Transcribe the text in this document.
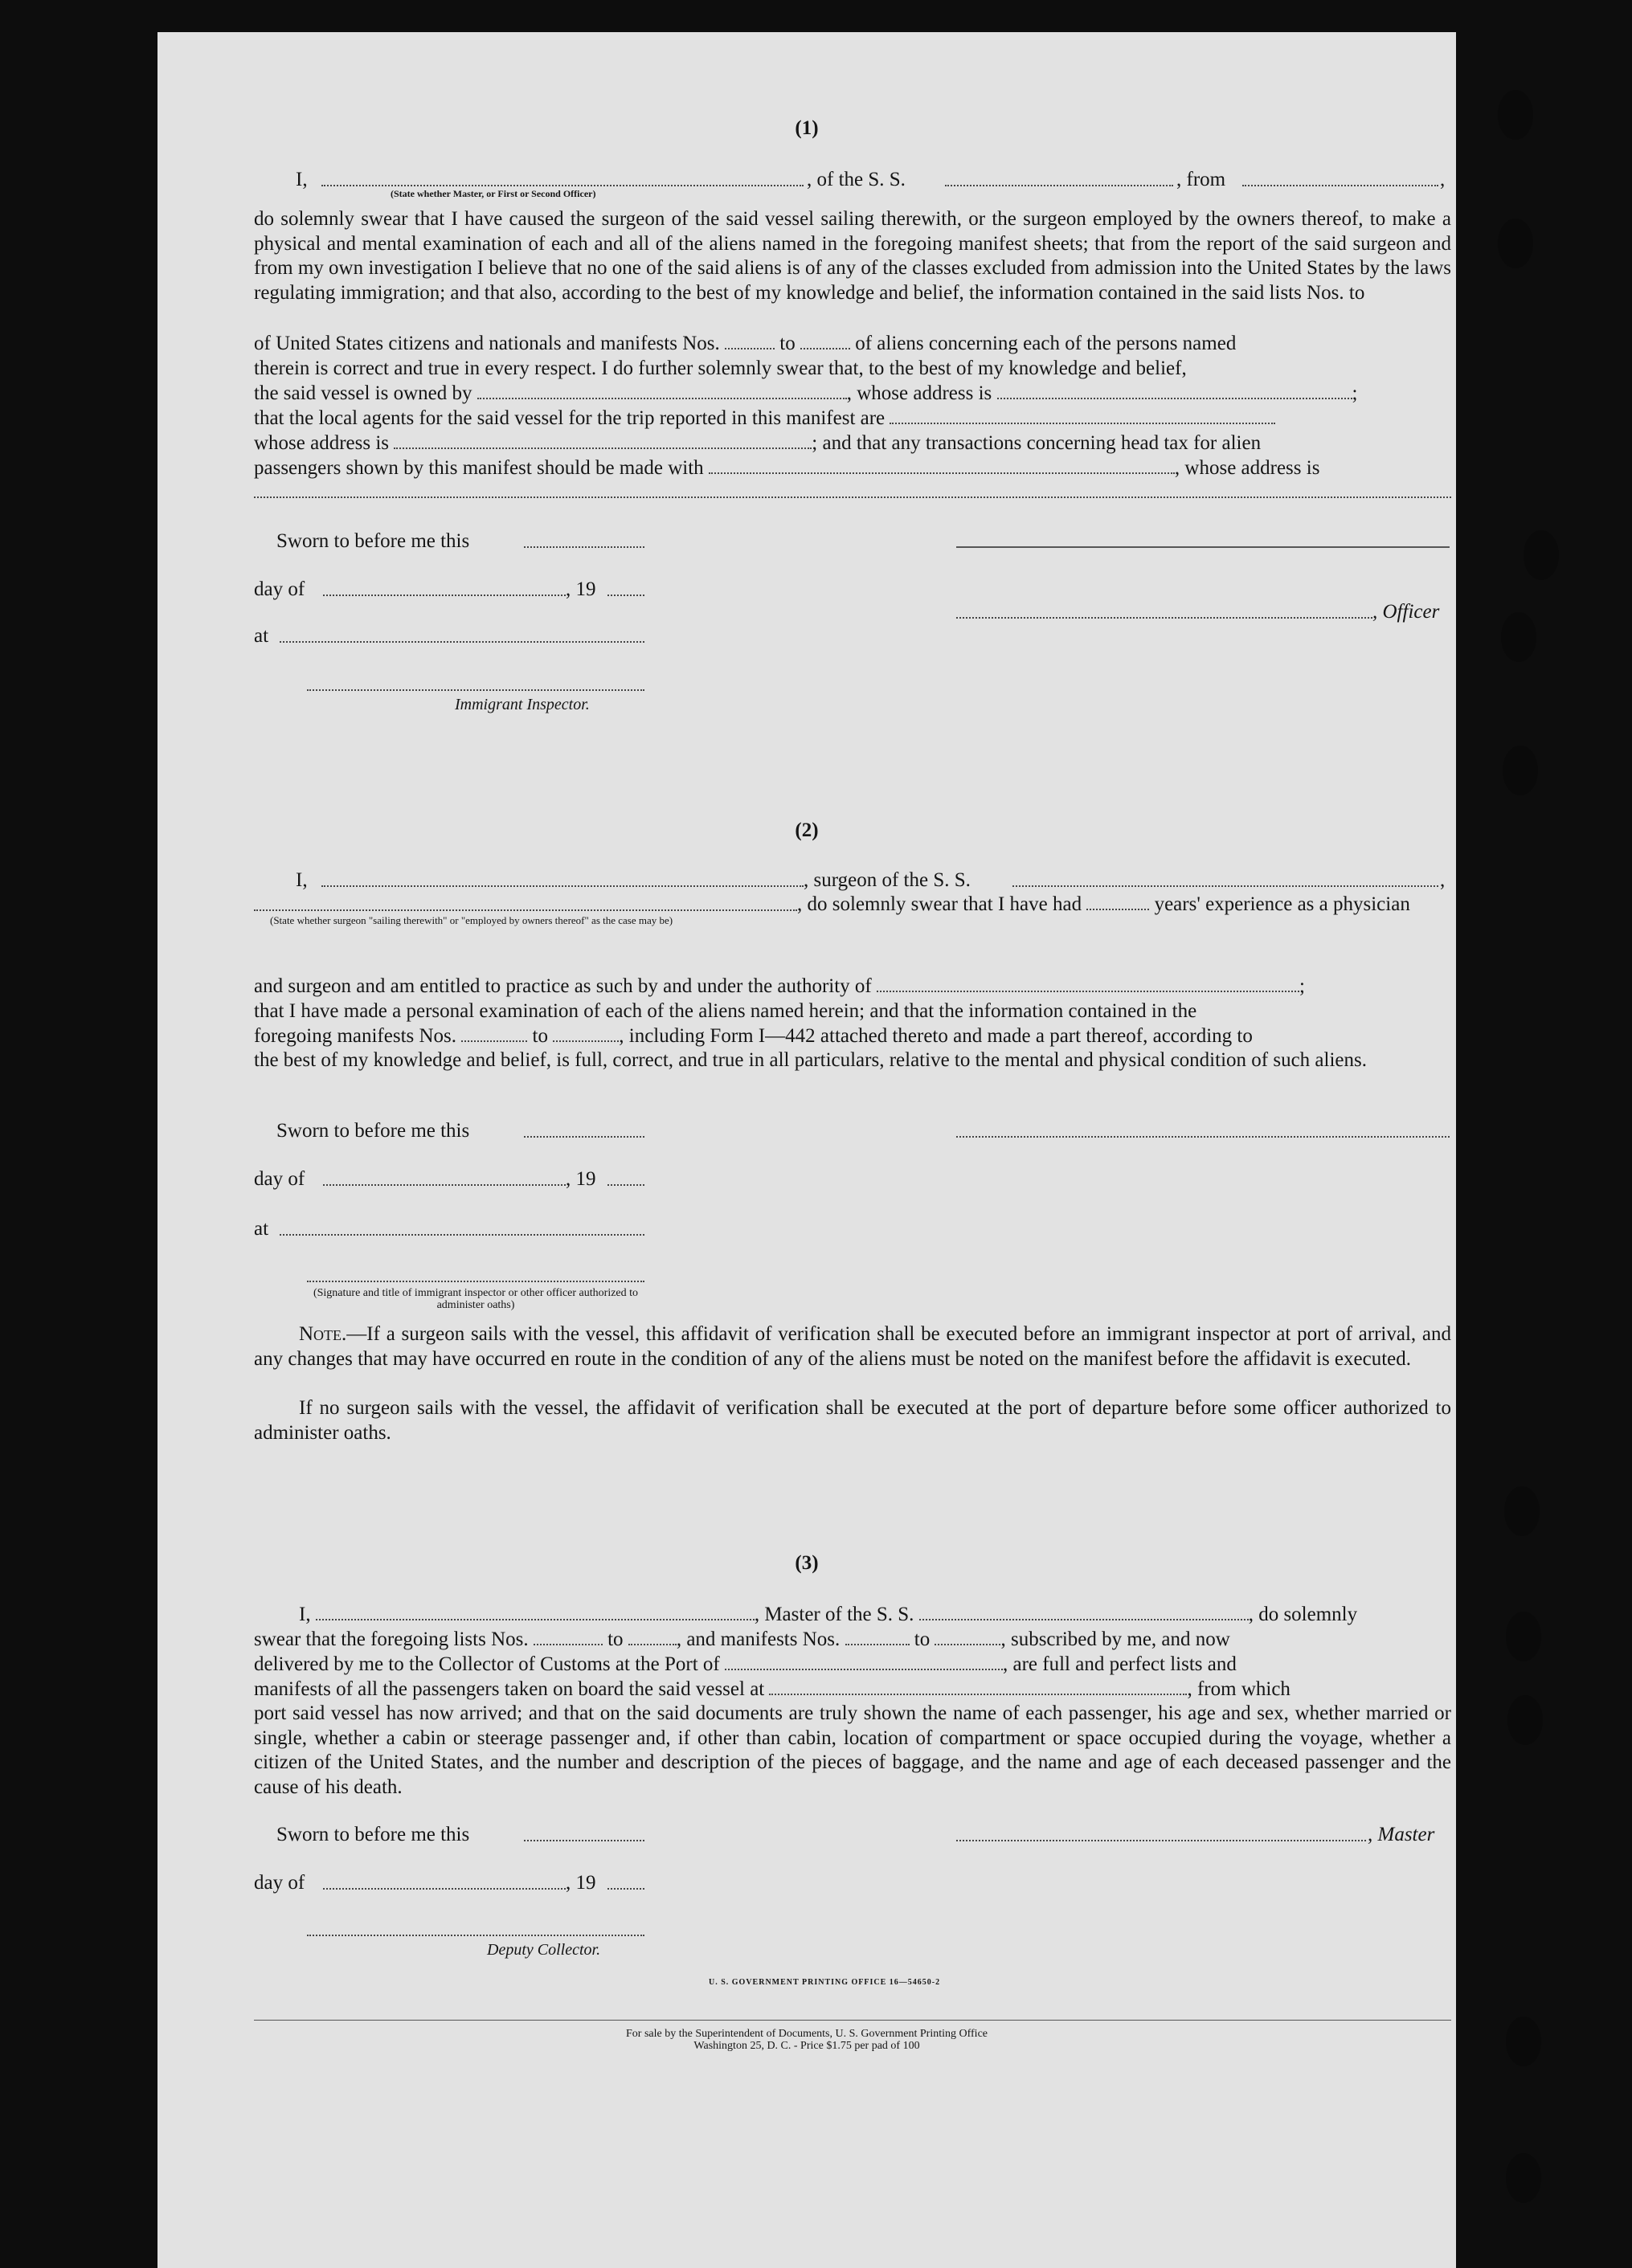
(1)
I,
(State whether Master, or First or Second Officer)
, of the S. S.	, from	,
do solemnly swear that I have caused the surgeon of the said vessel sailing therewith, or the surgeon employed by the owners thereof, to make a physical and mental examination of each and all of the aliens named in the foregoing manifest sheets; that from the report of the said surgeon and from my own investigation I believe that no one of the said aliens is of any of the classes excluded from admission into the United States by the laws regulating immigration; and that also, according to the best of my knowledge and belief, the information contained in the said lists Nos. to
of United States citizens and nationals and manifests Nos.	to	of aliens concerning each of the persons named
therein is correct and true in every respect. I do further solemnly swear that, to the best of my knowledge and belief,
the said vessel is owned by	, whose address is	;
that the local agents for the said vessel for the trip reported in this manifest are
whose address is	; and that any transactions concerning head tax for alien
passengers shown by this manifest should be made with	, whose address is
Sworn to before me this
day of	, 19
, Officer
at
Immigrant Inspector.
(2)
I,	, surgeon of the S. S.	,
, do solemnly swear that I have had	years' experience as a physician
(State whether surgeon "sailing therewith" or "employed by owners thereof" as the case may be)
and surgeon and am entitled to practice as such by and under the authority of	;
that I have made a personal examination of each of the aliens named herein; and that the information contained in the
foregoing manifests Nos.	to	, including Form I—442 attached thereto and made a part thereof, according to
the best of my knowledge and belief, is full, correct, and true in all particulars, relative to the mental and physical condition of such aliens.
Sworn to before me this
day of	, 19
at
(Signature and title of immigrant inspector or other officer authorized to administer oaths)
Note.—If a surgeon sails with the vessel, this affidavit of verification shall be executed before an immigrant inspector at port of arrival, and any changes that may have occurred en route in the condition of any of the aliens must be noted on the manifest before the affidavit is executed.
If no surgeon sails with the vessel, the affidavit of verification shall be executed at the port of departure before some officer authorized to administer oaths.
(3)
I,	, Master of the S. S.	, do solemnly
swear that the foregoing lists Nos.	to	, and manifests Nos.	to	, subscribed by me, and now
delivered by me to the Collector of Customs at the Port of	, are full and perfect lists and
manifests of all the passengers taken on board the said vessel at	, from which
port said vessel has now arrived; and that on the said documents are truly shown the name of each passenger, his age and sex, whether married or single, whether a cabin or steerage passenger and, if other than cabin, location of compartment or space occupied during the voyage, whether a citizen of the United States, and the number and description of the pieces of baggage, and the name and age of each deceased passenger and the cause of his death.
Sworn to before me this	, Master
day of	, 19
Deputy Collector.
U. S. GOVERNMENT PRINTING OFFICE 16—54650-2
For sale by the Superintendent of Documents, U. S. Government Printing Office
Washington 25, D. C. - Price $1.75 per pad of 100
